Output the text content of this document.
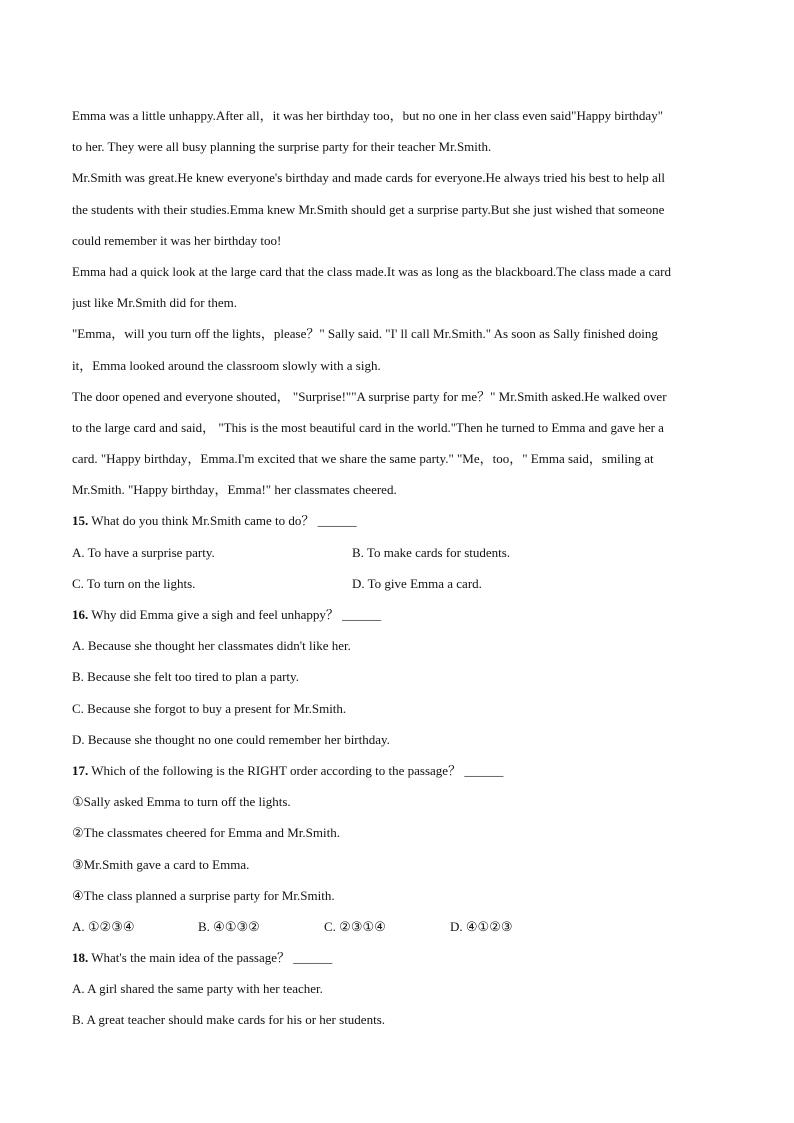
Emma was a little unhappy.After all，it was her birthday too，but no one in her class even said"Happy birthday"
to her. They were all busy planning the surprise party for their teacher Mr.Smith.
Mr.Smith was great.He knew everyone's birthday and made cards for everyone.He always tried his best to help all
the students with their studies.Emma knew Mr.Smith should get a surprise party.But she just wished that someone
could remember it was her birthday too!
Emma had a quick look at the large card that the class made.It was as long as the blackboard.The class made a card
just like Mr.Smith did for them.
"Emma，will you turn off the lights，please？" Sally said. "I' ll call Mr.Smith." As soon as Sally finished doing
it，Emma looked around the classroom slowly with a sigh.
The door opened and everyone shouted， "Surprise!""A surprise party for me？" Mr.Smith asked.He walked over
to the large card and said， "This is the most beautiful card in the world."Then he turned to Emma and gave her a
card. "Happy birthday，Emma.I'm excited that we share the same party." "Me，too，" Emma said，smiling at
Mr.Smith. "Happy birthday，Emma!" her classmates cheered.
15. What do you think Mr.Smith came to do？ ______
A. To have a surprise party.	B. To make cards for students.
C. To turn on the lights.	D. To give Emma a card.
16. Why did Emma give a sigh and feel unhappy？ ______
A. Because she thought her classmates didn't like her.
B. Because she felt too tired to plan a party.
C. Because she forgot to buy a present for Mr.Smith.
D. Because she thought no one could remember her birthday.
17. Which of the following is the RIGHT order according to the passage？ ______
①Sally asked Emma to turn off the lights.
②The classmates cheered for Emma and Mr.Smith.
③Mr.Smith gave a card to Emma.
④The class planned a surprise party for Mr.Smith.
A. ①②③④	B. ④①③②	C. ②③①④	D. ④①②③
18. What's the main idea of the passage？ ______
A. A girl shared the same party with her teacher.
B. A great teacher should make cards for his or her students.
